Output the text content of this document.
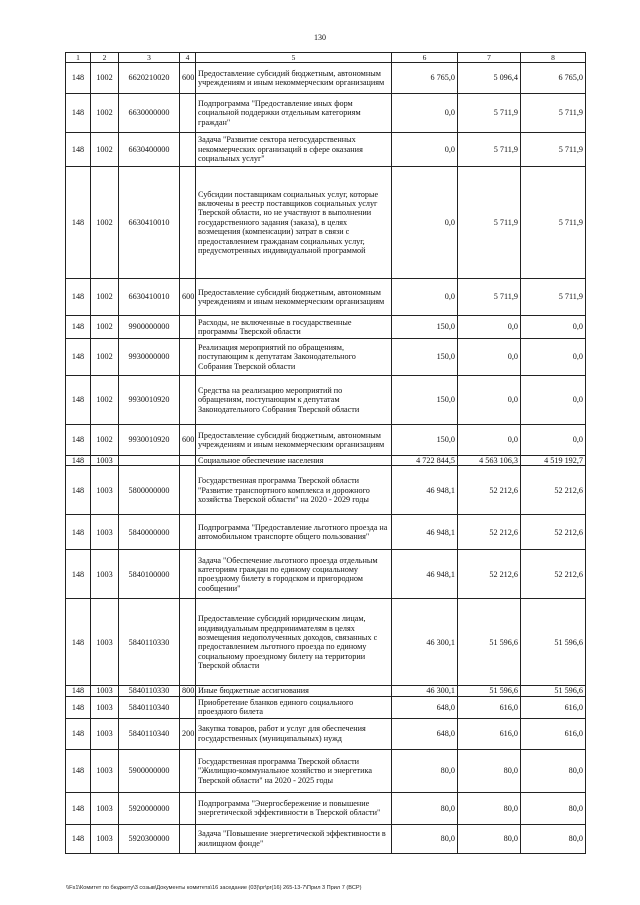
130
1	2	3	4	5	6	7	8
148	1002	6620210020	600	Предоставление субсидий бюджетным, автономным учреждениям и иным некоммерческим организациям	6 765,0	5 096,4	6 765,0
148	1002	6630000000		Подпрограмма "Предоставление иных форм социальной поддержки отдельным категориям граждан"	0,0	5 711,9	5 711,9
148	1002	6630400000		Задача "Развитие сектора негосударственных некоммерческих организаций в сфере оказания социальных услуг"	0,0	5 711,9	5 711,9
148	1002	6630410010		Субсидии поставщикам социальных услуг, которые включены в реестр поставщиков социальных услуг Тверской области, но не участвуют в выполнении государственного задания (заказа), в целях возмещения (компенсации) затрат в связи с предоставлением гражданам социальных услуг, предусмотренных индивидуальной программой	0,0	5 711,9	5 711,9
148	1002	6630410010	600	Предоставление субсидий бюджетным, автономным учреждениям и иным некоммерческим организациям	0,0	5 711,9	5 711,9
148	1002	9900000000		Расходы, не включенные в государственные программы Тверской области	150,0	0,0	0,0
148	1002	9930000000		Реализация мероприятий по обращениям, поступающим к депутатам Законодательного Собрания Тверской области	150,0	0,0	0,0
148	1002	9930010920		Средства на реализацию мероприятий по обращениям, поступающим к депутатам Законодательного Собрания Тверской области	150,0	0,0	0,0
148	1002	9930010920	600	Предоставление субсидий бюджетным, автономным учреждениям и иным некоммерческим организациям	150,0	0,0	0,0
148	1003			Социальное обеспечение населения	4 722 844,5	4 563 106,3	4 519 192,7
148	1003	5800000000		Государственная программа Тверской области "Развитие транспортного комплекса и дорожного хозяйства Тверской области" на 2020 - 2029 годы	46 948,1	52 212,6	52 212,6
148	1003	5840000000		Подпрограмма "Предоставление льготного проезда на автомобильном транспорте общего пользования"	46 948,1	52 212,6	52 212,6
148	1003	5840100000		Задача "Обеспечение льготного проезда отдельным категориям граждан по единому социальному проездному билету в городском и пригородном сообщении"	46 948,1	52 212,6	52 212,6
148	1003	5840110330		Предоставление субсидий юридическим лицам, индивидуальным предпринимателям в целях возмещения недополученных доходов, связанных с предоставлением льготного проезда по единому социальному проездному билету на территории Тверской области	46 300,1	51 596,6	51 596,6
148	1003	5840110330	800	Иные бюджетные ассигнования	46 300,1	51 596,6	51 596,6
148	1003	5840110340		Приобретение бланков единого социального проездного билета	648,0	616,0	616,0
148	1003	5840110340	200	Закупка товаров, работ и услуг для обеспечения государственных (муниципальных) нужд	648,0	616,0	616,0
148	1003	5900000000		Государственная программа Тверской области "Жилищно-коммунальное хозяйство и энергетика Тверской области" на 2020 - 2025 годы	80,0	80,0	80,0
148	1003	5920000000		Подпрограмма "Энергосбережение и повышение энергетической эффективности в Тверской области"	80,0	80,0	80,0
148	1003	5920300000		Задача "Повышение энергетической эффективности в жилищном фонде"	80,0	80,0	80,0
\\Fs1\Комитет по бюджету\3 созыв\Документы комитета\16 заседание (03)\pr\pr(16) 265-13-7\Прил 3 Прил 7 (ВСР)
